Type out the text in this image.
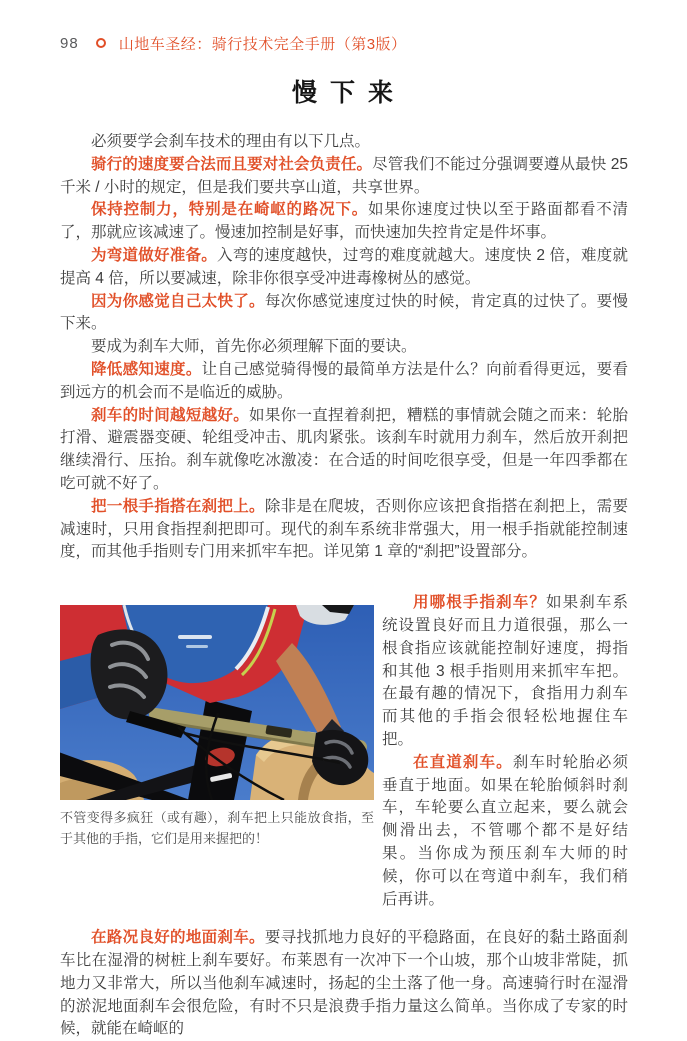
98	山地车圣经：骑行技术完全手册（第3版）
慢 下 来

必须要学会刹车技术的理由有以下几点。

骑行的速度要合法而且要对社会负责任。尽管我们不能过分强调要遵从最快 25 千米 / 小时的规定，但是我们要共享山道，共享世界。

保持控制力，特别是在崎岖的路况下。如果你速度过快以至于路面都看不清了，那就应该减速了。慢速加控制是好事，而快速加失控肯定是件坏事。

为弯道做好准备。入弯的速度越快，过弯的难度就越大。速度快 2 倍，难度就提高 4 倍，所以要减速，除非你很享受冲进毒橡树丛的感觉。

因为你感觉自己太快了。每次你感觉速度过快的时候，肯定真的过快了。要慢下来。

要成为刹车大师，首先你必须理解下面的要诀。

降低感知速度。让自己感觉骑得慢的最简单方法是什么？向前看得更远，要看到远方的机会而不是临近的威胁。

刹车的时间越短越好。如果你一直捏着刹把，糟糕的事情就会随之而来：轮胎打滑、避震器变硬、轮组受冲击、肌肉紧张。该刹车时就用力刹车，然后放开刹把继续滑行、压抬。刹车就像吃冰激凌：在合适的时间吃很享受，但是一年四季都在吃可就不好了。

把一根手指搭在刹把上。除非是在爬坡，否则你应该把食指搭在刹把上，需要减速时，只用食指捏刹把即可。现代的刹车系统非常强大，用一根手指就能控制速度，而其他手指则专门用来抓牢车把。详见第 1 章的“刹把”设置部分。

不管变得多疯狂（或有趣），刹车把上只能放食指，至于其他的手指，它们是用来握把的！

用哪根手指刹车？如果刹车系统设置良好而且力道很强，那么一根食指应该就能控制好速度，拇指和其他 3 根手指则用来抓牢车把。在最有趣的情况下，食指用力刹车而其他的手指会很轻松地握住车把。

在直道刹车。刹车时轮胎必须垂直于地面。如果在轮胎倾斜时刹车，车轮要么直立起来，要么就会侧滑出去，不管哪个都不是好结果。当你成为预压刹车大师的时候，你可以在弯道中刹车，我们稍后再讲。

在路况良好的地面刹车。要寻找抓地力良好的平稳路面，在良好的黏土路面刹车比在湿滑的树桩上刹车要好。布莱恩有一次冲下一个山坡，那个山坡非常陡，抓地力又非常大，所以当他刹车减速时，扬起的尘土落了他一身。高速骑行时在湿滑的淤泥地面刹车会很危险，有时不只是浪费手指力量这么简单。当你成了专家的时候，就能在崎岖的
